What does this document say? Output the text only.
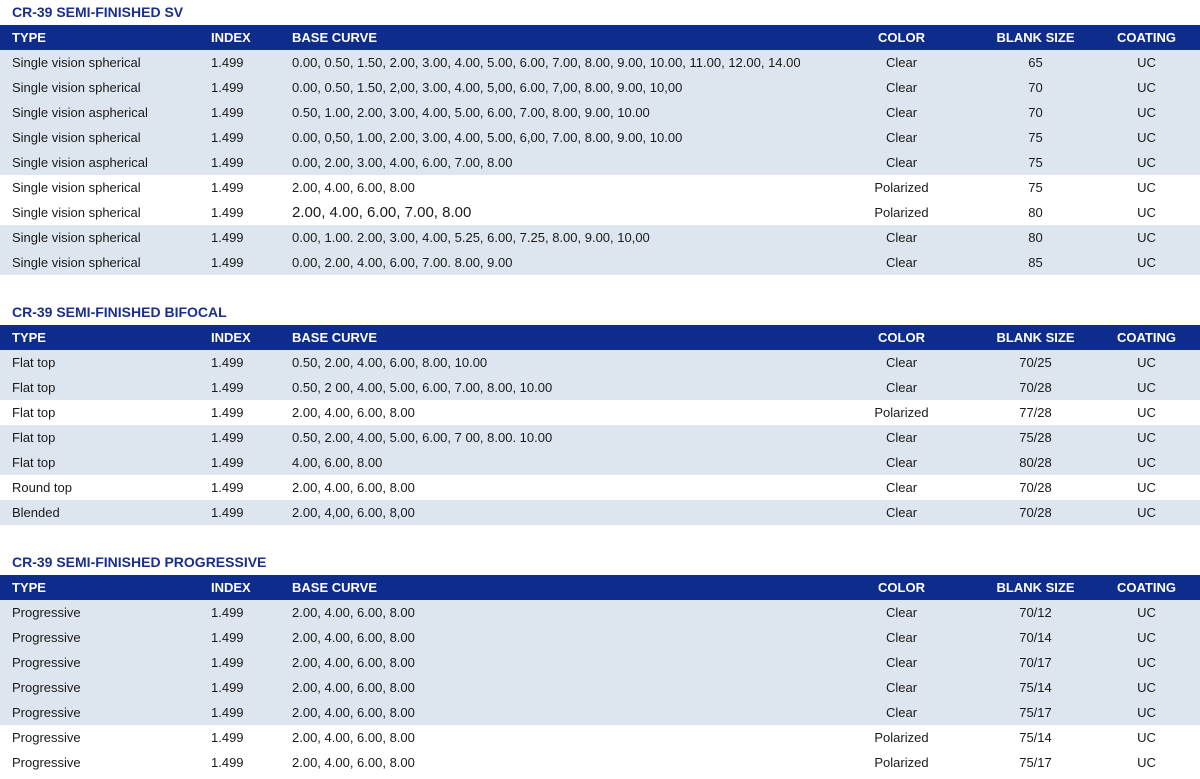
CR-39 SEMI-FINISHED SV
TYPE	INDEX	BASE CURVE	COLOR	BLANK SIZE	COATING
Single vision spherical	1.499	0.00, 0.50, 1.50, 2.00, 3.00, 4.00, 5.00, 6.00, 7.00, 8.00, 9.00, 10.00, 11.00, 12.00, 14.00	Clear	65	UC
Single vision spherical	1.499	0.00, 0.50, 1.50, 2,00, 3.00, 4.00, 5,00, 6.00, 7,00, 8.00, 9.00, 10,00	Clear	70	UC
Single vision aspherical	1.499	0.50, 1.00, 2.00, 3.00, 4.00, 5.00, 6.00, 7.00, 8.00, 9.00, 10.00	Clear	70	UC
Single vision spherical	1.499	0.00, 0,50, 1.00, 2.00, 3.00, 4.00, 5.00, 6,00, 7.00, 8.00, 9.00, 10.00	Clear	75	UC
Single vision aspherical	1.499	0.00, 2.00, 3.00, 4.00, 6.00, 7.00, 8.00	Clear	75	UC
Single vision spherical	1.499	2.00, 4.00, 6.00, 8.00	Polarized	75	UC
Single vision spherical	1.499	2.00, 4.00, 6.00, 7.00, 8.00	Polarized	80	UC
Single vision spherical	1.499	0.00, 1.00. 2.00, 3.00, 4.00, 5.25, 6.00, 7.25, 8.00, 9.00, 10,00	Clear	80	UC
Single vision spherical	1.499	0.00, 2.00, 4.00, 6.00, 7.00. 8.00, 9.00	Clear	85	UC
CR-39 SEMI-FINISHED BIFOCAL
TYPE	INDEX	BASE CURVE	COLOR	BLANK SIZE	COATING
Flat top	1.499	0.50, 2.00, 4.00, 6.00, 8.00, 10.00	Clear	70/25	UC
Flat top	1.499	0.50, 2 00, 4.00, 5.00, 6.00, 7.00, 8.00, 10.00	Clear	70/28	UC
Flat top	1.499	2.00, 4.00, 6.00, 8.00	Polarized	77/28	UC
Flat top	1.499	0.50, 2.00, 4.00, 5.00, 6.00, 7 00, 8.00. 10.00	Clear	75/28	UC
Flat top	1.499	4.00, 6.00, 8.00	Clear	80/28	UC
Round top	1.499	2.00, 4.00, 6.00, 8.00	Clear	70/28	UC
Blended	1.499	2.00, 4,00, 6.00, 8,00	Clear	70/28	UC
CR-39 SEMI-FINISHED PROGRESSIVE
TYPE	INDEX	BASE CURVE	COLOR	BLANK SIZE	COATING
Progressive	1.499	2.00, 4.00, 6.00, 8.00	Clear	70/12	UC
Progressive	1.499	2.00, 4.00, 6.00, 8.00	Clear	70/14	UC
Progressive	1.499	2.00, 4.00, 6.00, 8.00	Clear	70/17	UC
Progressive	1.499	2.00, 4.00, 6.00, 8.00	Clear	75/14	UC
Progressive	1.499	2.00, 4.00, 6.00, 8.00	Clear	75/17	UC
Progressive	1.499	2.00, 4.00, 6.00, 8.00	Polarized	75/14	UC
Progressive	1.499	2.00, 4.00, 6.00, 8.00	Polarized	75/17	UC
